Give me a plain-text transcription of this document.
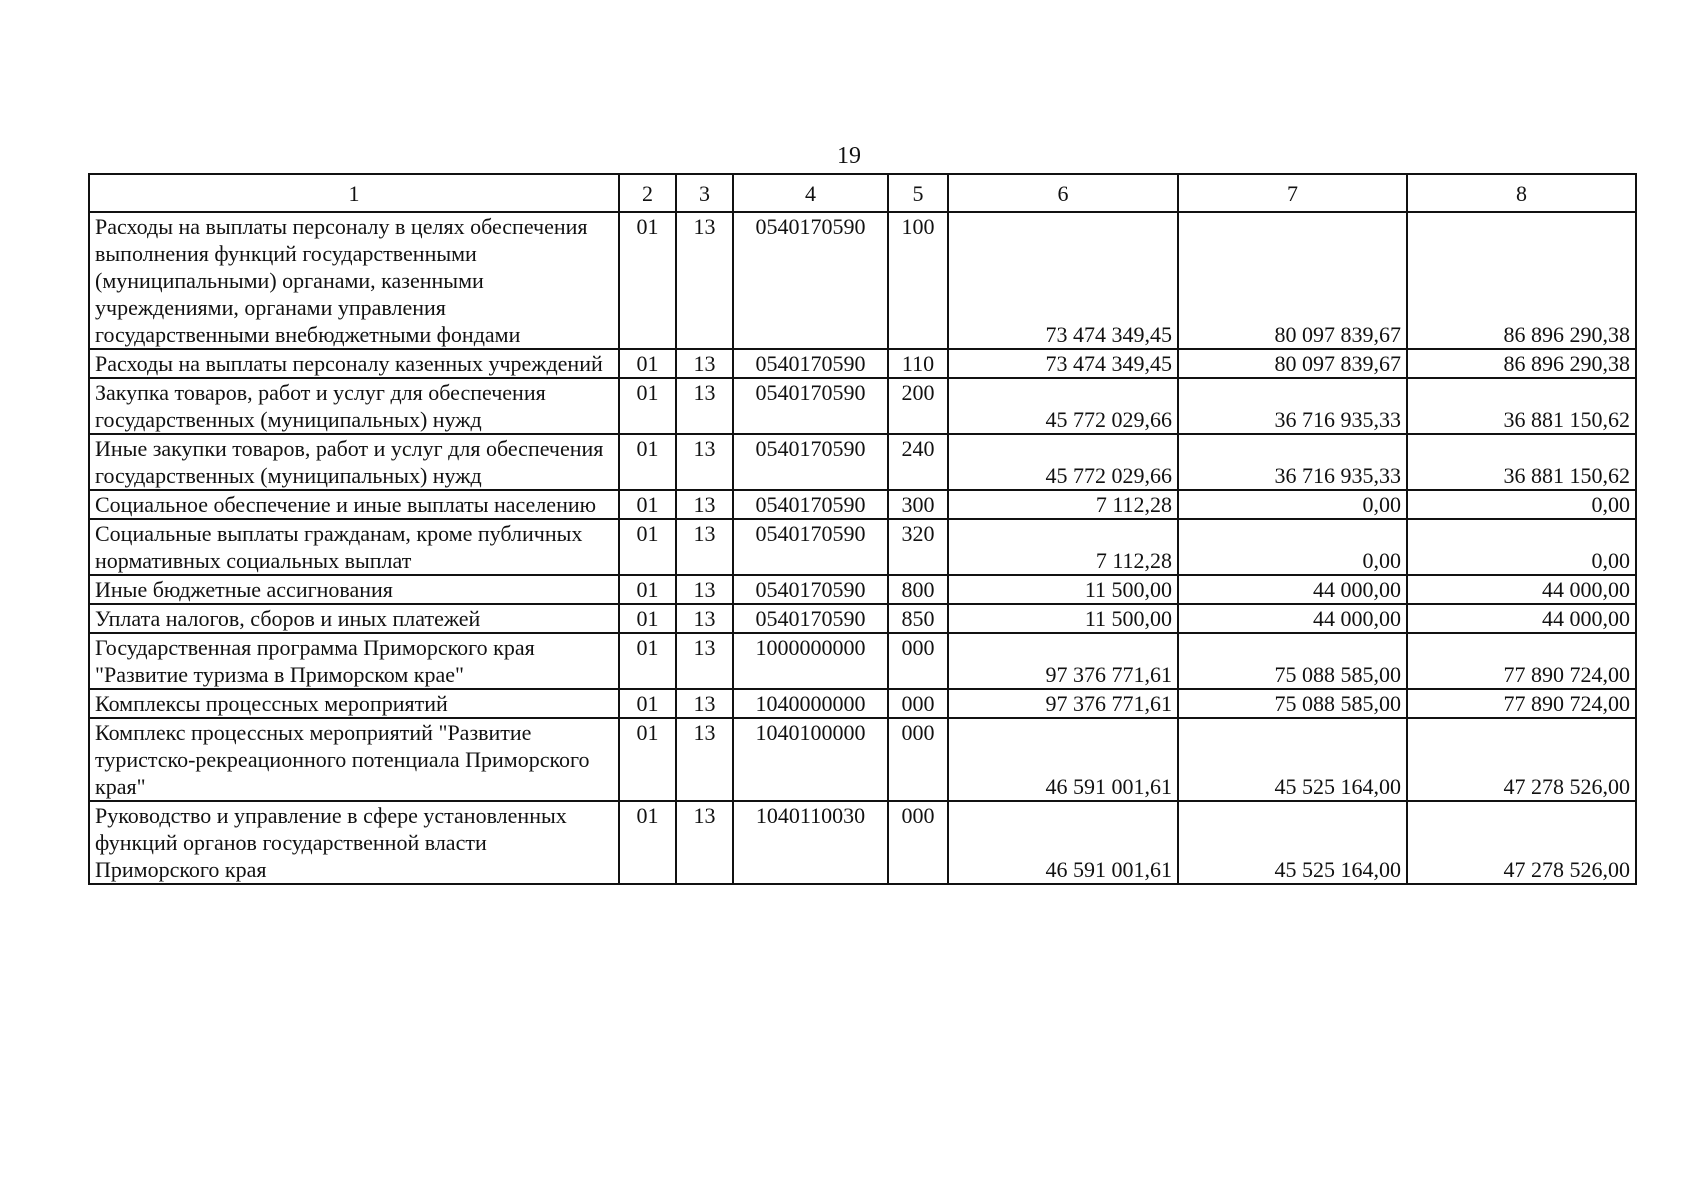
19
1	2	3	4	5	6	7	8
Расходы на выплаты персоналу в целях обеспечения выполнения функций государственными (муниципальными) органами, казенными учреждениями, органами управления государственными внебюджетными фондами	01	13	0540170590	100	73 474 349,45	80 097 839,67	86 896 290,38
Расходы на выплаты персоналу казенных учреждений	01	13	0540170590	110	73 474 349,45	80 097 839,67	86 896 290,38
Закупка товаров, работ и услуг для обеспечения государственных (муниципальных) нужд	01	13	0540170590	200	45 772 029,66	36 716 935,33	36 881 150,62
Иные закупки товаров, работ и услуг для обеспечения государственных (муниципальных) нужд	01	13	0540170590	240	45 772 029,66	36 716 935,33	36 881 150,62
Социальное обеспечение и иные выплаты населению	01	13	0540170590	300	7 112,28	0,00	0,00
Социальные выплаты гражданам, кроме публичных нормативных социальных выплат	01	13	0540170590	320	7 112,28	0,00	0,00
Иные бюджетные ассигнования	01	13	0540170590	800	11 500,00	44 000,00	44 000,00
Уплата налогов, сборов и иных платежей	01	13	0540170590	850	11 500,00	44 000,00	44 000,00
Государственная программа Приморского края "Развитие туризма в Приморском крае"	01	13	1000000000	000	97 376 771,61	75 088 585,00	77 890 724,00
Комплексы процессных мероприятий	01	13	1040000000	000	97 376 771,61	75 088 585,00	77 890 724,00
Комплекс процессных мероприятий "Развитие туристско-рекреационного потенциала Приморского края"	01	13	1040100000	000	46 591 001,61	45 525 164,00	47 278 526,00
Руководство и управление в сфере установленных функций органов государственной власти Приморского края	01	13	1040110030	000	46 591 001,61	45 525 164,00	47 278 526,00
